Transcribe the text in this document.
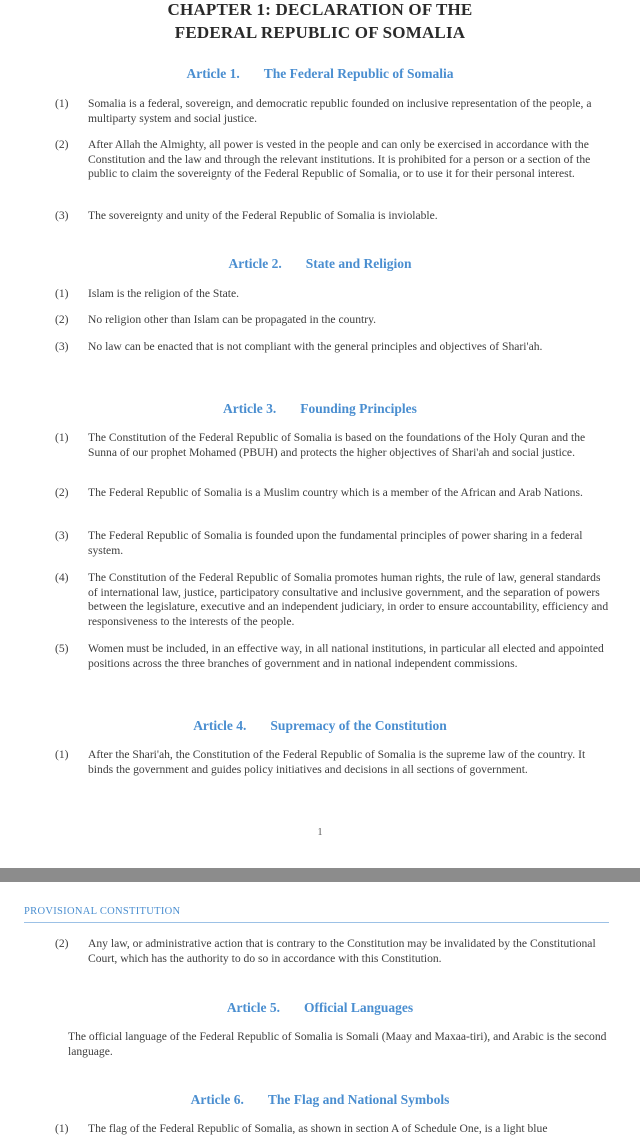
CHAPTER 1: DECLARATION OF THE
FEDERAL REPUBLIC OF SOMALIA
Article 1. The Federal Republic of Somalia
(1) Somalia is a federal, sovereign, and democratic republic founded on inclusive representation of the people, a multiparty system and social justice.
(2) After Allah the Almighty, all power is vested in the people and can only be exercised in accordance with the Constitution and the law and through the relevant institutions. It is prohibited for a person or a section of the public to claim the sovereignty of the Federal Republic of Somalia, or to use it for their personal interest.
(3) The sovereignty and unity of the Federal Republic of Somalia is inviolable.
Article 2. State and Religion
(1) Islam is the religion of the State.
(2) No religion other than Islam can be propagated in the country.
(3) No law can be enacted that is not compliant with the general principles and objectives of Shari'ah.
Article 3. Founding Principles
(1) The Constitution of the Federal Republic of Somalia is based on the foundations of the Holy Quran and the Sunna of our prophet Mohamed (PBUH) and protects the higher objectives of Shari'ah and social justice.
(2) The Federal Republic of Somalia is a Muslim country which is a member of the African and Arab Nations.
(3) The Federal Republic of Somalia is founded upon the fundamental principles of power sharing in a federal system.
(4) The Constitution of the Federal Republic of Somalia promotes human rights, the rule of law, general standards of international law, justice, participatory consultative and inclusive government, and the separation of powers between the legislature, executive and an independent judiciary, in order to ensure accountability, efficiency and responsiveness to the interests of the people.
(5) Women must be included, in an effective way, in all national institutions, in particular all elected and appointed positions across the three branches of government and in national independent commissions.
Article 4. Supremacy of the Constitution
(1) After the Shari'ah, the Constitution of the Federal Republic of Somalia is the supreme law of the country. It binds the government and guides policy initiatives and decisions in all sections of government.
1
PROVISIONAL CONSTITUTION
(2) Any law, or administrative action that is contrary to the Constitution may be invalidated by the Constitutional Court, which has the authority to do so in accordance with this Constitution.
Article 5. Official Languages
The official language of the Federal Republic of Somalia is Somali (Maay and Maxaa-tiri), and Arabic is the second language.
Article 6. The Flag and National Symbols
(1) The flag of the Federal Republic of Somalia, as shown in section A of Schedule One, is a light blue
